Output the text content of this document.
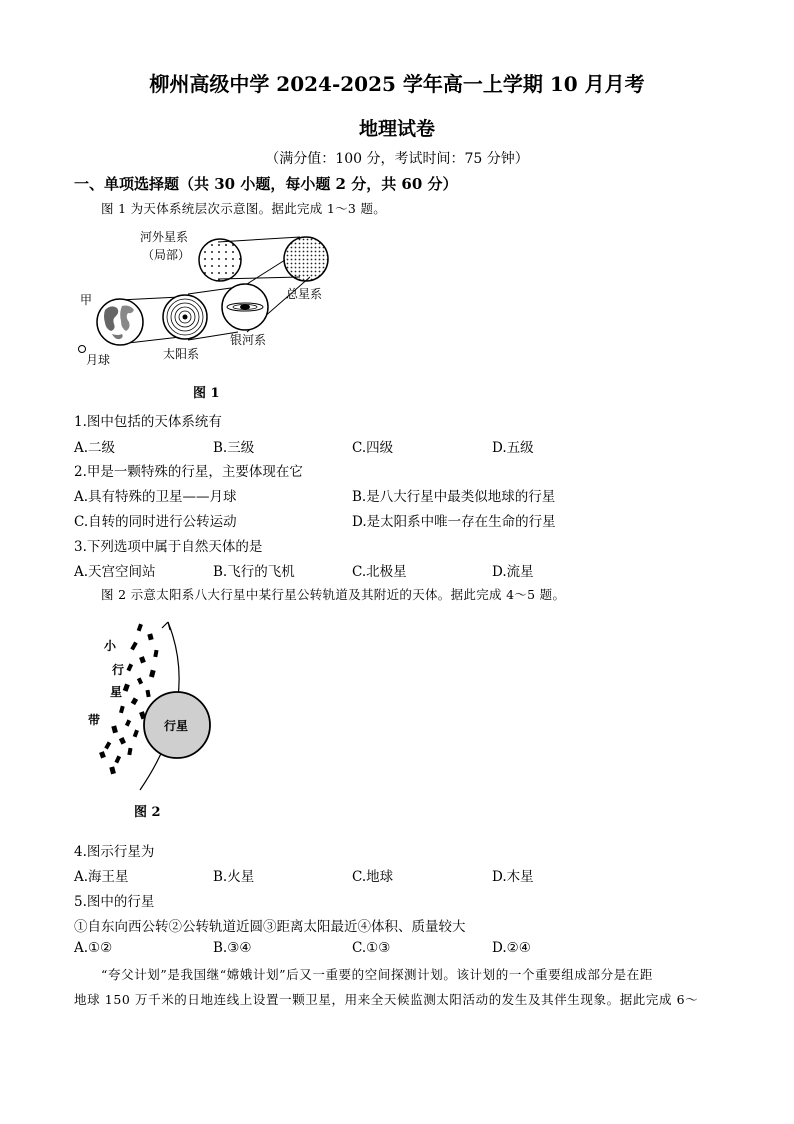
柳州高级中学 2024-2025 学年高一上学期 10 月月考
地理试卷
（满分值：100 分，考试时间：75 分钟）
一、单项选择题（共 30 小题，每小题 2 分，共 60 分）
图 1 为天体系统层次示意图。据此完成 1～3 题。
河外星系
（局部）
甲	总星系
银河系
太阳系
月球
图 1
1.图中包括的天体系统有
A.二级	B.三级	C.四级	D.五级
2.甲是一颗特殊的行星，主要体现在它
A.具有特殊的卫星——月球	B.是八大行星中最类似地球的行星
C.自转的同时进行公转运动	D.是太阳系中唯一存在生命的行星
3.下列选项中属于自然天体的是
A.天宫空间站	B.飞行的飞机	C.北极星	D.流星
图 2 示意太阳系八大行星中某行星公转轨道及其附近的天体。据此完成 4～5 题。
行星
小
行
星
带
图 2
4.图示行星为
A.海王星	B.火星	C.地球	D.木星
5.图中的行星
①自东向西公转②公转轨道近圆③距离太阳最近④体积、质量较大
A.①②	B.③④	C.①③	D.②④
“夸父计划”是我国继“嫦娥计划”后又一重要的空间探测计划。该计划的一个重要组成部分是在距
地球 150 万千米的日地连线上设置一颗卫星，用来全天候监测太阳活动的发生及其伴生现象。据此完成 6～
